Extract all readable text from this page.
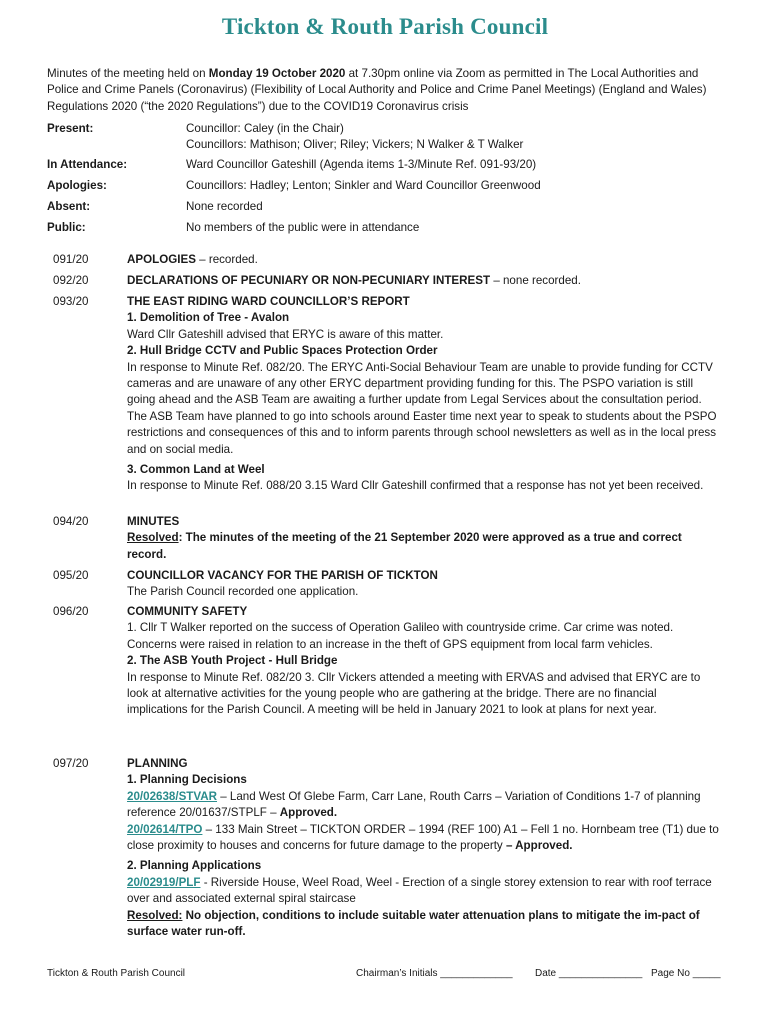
Tickton & Routh Parish Council
Minutes of the meeting held on Monday 19 October 2020 at 7.30pm online via Zoom as permitted in The Local Authorities and Police and Crime Panels (Coronavirus) (Flexibility of Local Authority and Police and Crime Panel Meetings) (England and Wales) Regulations 2020 (“the 2020 Regulations”) due to the COVID19 Coronavirus crisis
Present:	Councillor: Caley (in the Chair)
Councillors: Mathison; Oliver; Riley; Vickers; N Walker & T Walker
In Attendance:	Ward Councillor Gateshill (Agenda items 1-3/Minute Ref. 091-93/20)
Apologies:	Councillors: Hadley; Lenton; Sinkler and Ward Councillor Greenwood
Absent:	None recorded
Public:	No members of the public were in attendance
091/20	APOLOGIES – recorded.
092/20	DECLARATIONS OF PECUNIARY OR NON-PECUNIARY INTEREST – none recorded.
093/20	THE EAST RIDING WARD COUNCILLOR’S REPORT
1. Demolition of Tree - Avalon
Ward Cllr Gateshill advised that ERYC is aware of this matter.
2. Hull Bridge CCTV and Public Spaces Protection Order
In response to Minute Ref. 082/20. The ERYC Anti-Social Behaviour Team are unable to provide funding for CCTV cameras and are unaware of any other ERYC department providing funding for this. The PSPO variation is still going ahead and the ASB Team are awaiting a further update from Legal Services about the consultation period. The ASB Team have planned to go into schools around Easter time next year to speak to students about the PSPO restrictions and consequences of this and to inform parents through school newsletters as well as in the local press and on social media.
3. Common Land at Weel
In response to Minute Ref. 088/20 3.15 Ward Cllr Gateshill confirmed that a response has not yet been received.
094/20	MINUTES
Resolved: The minutes of the meeting of the 21 September 2020 were approved as a true and correct record.
095/20	COUNCILLOR VACANCY FOR THE PARISH OF TICKTON
The Parish Council recorded one application.
096/20	COMMUNITY SAFETY
1. Cllr T Walker reported on the success of Operation Galileo with countryside crime. Car crime was noted. Concerns were raised in relation to an increase in the theft of GPS equipment from local farm vehicles.
2. The ASB Youth Project - Hull Bridge
In response to Minute Ref. 082/20 3. Cllr Vickers attended a meeting with ERVAS and advised that ERYC are to look at alternative activities for the young people who are gathering at the bridge. There are no financial implications for the Parish Council. A meeting will be held in January 2021 to look at plans for next year.
097/20	PLANNING
1. Planning Decisions
20/02638/STVAR – Land West Of Glebe Farm, Carr Lane, Routh Carrs – Variation of Conditions 1-7 of planning reference 20/01637/STPLF – Approved.
20/02614/TPO – 133 Main Street – TICKTON ORDER – 1994 (REF 100) A1 – Fell 1 no. Hornbeam tree (T1) due to close proximity to houses and concerns for future damage to the property – Approved.
2. Planning Applications
20/02919/PLF - Riverside House, Weel Road, Weel - Erection of a single storey extension to rear with roof terrace over and associated external spiral staircase
Resolved: No objection, conditions to include suitable water attenuation plans to mitigate the im-pact of surface water run-off.
Tickton & Routh Parish Council	Chairman’s Initials _____________ Date _______________ Page No _____
